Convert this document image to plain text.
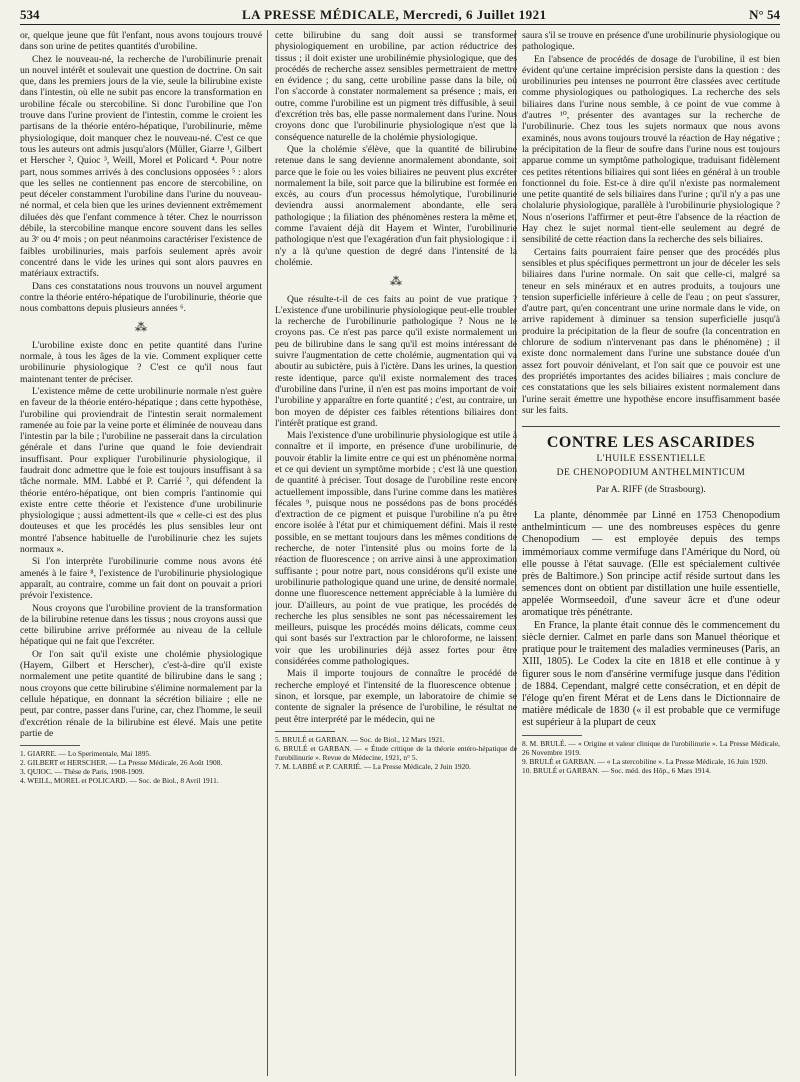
534	LA PRESSE MÉDICALE, Mercredi, 6 Juillet 1921	N° 54

or, quelque jeune que fût l'enfant, nous avons toujours trouvé dans son urine de petites quantités d'urobiline.

Chez le nouveau-né, la recherche de l'urobilinurie prenait un nouvel intérêt et soulevait une question de doctrine. On sait que, dans les premiers jours de la vie, seule la bilirubine existe dans l'intestin, où elle ne subit pas encore la transformation en urobiline fécale ou stercobiline. Si donc l'urobiline que l'on trouve dans l'urine provient de l'intestin, comme le croient les partisans de la théorie entéro-hépatique, l'urobilinurie, même physiologique, doit manquer chez le nouveau-né. C'est ce que tous les auteurs ont admis jusqu'alors (Müller, Giarre ¹, Gilbert et Herscher ², Quioc ³, Weill, Morel et Policard ⁴. Pour notre part, nous sommes arrivés à des conclusions opposées ⁵ : alors que les selles ne contiennent pas encore de stercobiline, on peut déceler constamment l'urobiline dans l'urine du nouveau-né normal, et cela bien que les urines deviennent extrêmement diluées dès que l'enfant commence à téter. Chez le nourrisson débile, la stercobiline manque encore souvent dans les selles au 3ᵉ ou 4ᵉ mois ; on peut néanmoins caractériser l'existence de faibles urobilinuries, mais parfois seulement après avoir concentré dans le vide les urines qui sont alors pauvres en matériaux extractifs.

Dans ces constatations nous trouvons un nouvel argument contre la théorie entéro-hépatique de l'urobilinurie, théorie que nous combattons depuis plusieurs années ⁶.

⁂

L'urobiline existe donc en petite quantité dans l'urine normale, à tous les âges de la vie. Comment expliquer cette urobilinurie physiologique ? C'est ce qu'il nous faut maintenant tenter de préciser.

L'existence même de cette urobilinurie normale n'est guère en faveur de la théorie entéro-hépatique ; dans cette hypothèse, l'urobiline qui proviendrait de l'intestin serait normalement ramenée au foie par la veine porte et éliminée de nouveau dans l'intestin par la bile ; l'urobiline ne passerait dans la circulation générale et dans l'urine que quand le foie deviendrait insuffisant. Pour expliquer l'urobilinurie physiologique, il faudrait donc admettre que le foie est toujours insuffisant à sa tâche normale. MM. Labbé et P. Carrié ⁷, qui défendent la théorie entéro-hépatique, ont bien compris l'antinomie qui existe entre cette théorie et l'existence d'une urobilinurie physiologique ; aussi admettent-ils que « celle-ci est des plus douteuses et que les procédés les plus sensibles leur ont montré l'absence habituelle de l'urobilinurie chez les sujets normaux ».

Si l'on interprète l'urobilinurie comme nous avons été amenés à le faire ⁸, l'existence de l'urobilinurie physiologique apparaît, au contraire, comme un fait dont on pouvait a priori prévoir l'existence.

Nous croyons que l'urobiline provient de la transformation de la bilirubine retenue dans les tissus ; nous croyons aussi que cette bilirubine arrive préformée au niveau de la cellule hépatique qui ne fait que l'excréter.

Or l'on sait qu'il existe une cholémie physiologique (Hayem, Gilbert et Herscher), c'est-à-dire qu'il existe normalement une petite quantité de bilirubine dans le sang ; nous croyons que cette bilirubine s'élimine normalement par la cellule hépatique, en donnant la sécrétion biliaire ; elle ne peut, par contre, passer dans l'urine, car, chez l'homme, le seuil d'excrétion rénale de la bilirubine est élevé. Mais une petite partie de

1. GIARRE. — Lo Sperimentale, Mai 1895.

2. GILBERT et HERSCHER. — La Presse Médicale, 26 Août 1908.

3. QUIOC. — Thèse de Paris, 1908-1909.

4. WEILL, MOREL et POLICARD. — Soc. de Biol., 8 Avril 1911.

cette bilirubine du sang doit aussi se transformer physiologiquement en urobiline, par action réductrice des tissus ; il doit exister une urobilinémie physiologique, que des procédés de recherche assez sensibles permettraient de mettre en évidence ; du sang, cette urobiline passe dans la bile, où l'on s'accorde à constater normalement sa présence ; mais, en outre, comme l'urobiline est un pigment très diffusible, à seuil d'excrétion très bas, elle passe normalement dans l'urine. Nous croyons donc que l'urobilinurie physiologique n'est que la conséquence naturelle de la cholémie physiologique.

Que la cholémie s'élève, que la quantité de bilirubine retenue dans le sang devienne anormalement abondante, soit parce que le foie ou les voies biliaires ne peuvent plus excréter normalement la bile, soit parce que la bilirubine est formée en excès, au cours d'un processus hémolytique, l'urobilinurie deviendra aussi anormalement abondante, elle sera pathologique ; la filiation des phénomènes restera la même et, comme l'avaient déjà dit Hayem et Winter, l'urobilinurie pathologique n'est que l'exagération d'un fait physiologique : il n'y a là qu'une question de degré dans l'intensité de la cholémie.

⁂

Que résulte-t-il de ces faits au point de vue pratique ? L'existence d'une urobilinurie physiologique peut-elle troubler la recherche de l'urobilinurie pathologique ? Nous ne le croyons pas. Ce n'est pas parce qu'il existe normalement un peu de bilirubine dans le sang qu'il est moins intéressant de suivre l'augmentation de cette cholémie, augmentation qui va aboutir au subictère, puis à l'ictère. Dans les urines, la question reste identique, parce qu'il existe normalement des traces d'urobiline dans l'urine, il n'en est pas moins important de voir l'urobiline y apparaître en forte quantité ; c'est, au contraire, un bon moyen de dépister ces faibles rétentions biliaires dont l'intérêt pratique est grand.

Mais l'existence d'une urobilinurie physiologique est utile à connaître et il importe, en présence d'une urobilinurie, de pouvoir établir la limite entre ce qui est un phénomène normal et ce qui devient un symptôme morbide ; c'est là une question de quantité à préciser. Tout dosage de l'urobiline reste encore actuellement impossible, dans l'urine comme dans les matières fécales ⁹, puisque nous ne possédons pas de bons procédés d'extraction de ce pigment et puisque l'urobiline n'a pu être encore isolée à l'état pur et chimiquement défini. Mais il reste possible, en se mettant toujours dans les mêmes conditions de recherche, de noter l'intensité plus ou moins forte de la réaction de fluorescence ; on arrive ainsi à une approximation suffisante ; pour notre part, nous considérons qu'il existe une urobilinurie pathologique quand une urine, de densité normale, donne une fluorescence nettement appréciable à la lumière du jour. D'ailleurs, au point de vue pratique, les procédés de recherche les plus sensibles ne sont pas nécessairement les meilleurs, puisque les procédés moins délicats, comme ceux qui sont basés sur l'extraction par le chloroforme, ne laissent voir que les urobilinuries déjà assez fortes pour être considérées comme pathologiques.

Mais il importe toujours de connaître le procédé de recherche employé et l'intensité de la fluorescence obtenue ; sinon, et lorsque, par exemple, un laboratoire de chimie se contente de signaler la présence de l'urobiline, le résultat ne peut être interprété par le médecin, qui ne

5. BRULÉ et GARBAN. — Soc. de Biol., 12 Mars 1921.

6. BRULÉ et GARBAN. — « Étude critique de la théorie entéro-hépatique de l'urobilinurie ». Revue de Médecine, 1921, n° 5.

7. M. LABBÉ et P. CARRIÉ. — La Presse Médicale, 2 Juin 1920.

saura s'il se trouve en présence d'une urobilinurie physiologique ou pathologique.

En l'absence de procédés de dosage de l'urobiline, il est bien évident qu'une certaine imprécision persiste dans la question : des urobilinuries peu intenses ne pourront être classées avec certitude comme physiologiques ou pathologiques. La recherche des sels biliaires dans l'urine nous semble, à ce point de vue comme à d'autres ¹⁰, présenter des avantages sur la recherche de l'urobilinurie. Chez tous les sujets normaux que nous avons examinés, nous avons toujours trouvé la réaction de Hay négative ; la précipitation de la fleur de soufre dans l'urine nous est toujours apparue comme un symptôme pathologique, traduisant fidèlement ces petites rétentions biliaires qui sont liées en général à un trouble fonctionnel du foie. Est-ce à dire qu'il n'existe pas normalement une petite quantité de sels biliaires dans l'urine ; qu'il n'y a pas une cholalurie physiologique, parallèle à l'urobilinurie physiologique ? Nous n'oserions l'affirmer et peut-être l'absence de la réaction de Hay chez le sujet normal tient-elle seulement au degré de sensibilité de cette réaction dans la recherche des sels biliaires.

Certains faits pourraient faire penser que des procédés plus sensibles et plus spécifiques permettront un jour de déceler les sels biliaires dans l'urine normale. On sait que celle-ci, malgré sa teneur en sels minéraux et en autres produits, a toujours une tension superficielle inférieure à celle de l'eau ; on peut s'assurer, d'autre part, qu'en concentrant une urine normale dans le vide, on arrive rapidement à diminuer sa tension superficielle jusqu'à produire la précipitation de la fleur de soufre (la concentration en chlorure de sodium n'intervenant pas dans le phénomène) ; il existe donc normalement dans l'urine une substance douée d'un assez fort pouvoir dénivelant, et l'on sait que ce pouvoir est une des propriétés importantes des acides biliaires ; mais conclure de ces constatations que les sels biliaires existent normalement dans l'urine serait émettre une hypothèse encore insuffisamment basée sur les faits.

CONTRE LES ASCARIDES
L'HUILE ESSENTIELLE
DE CHENOPODIUM ANTHELMINTICUM
Par A. RIFF (de Strasbourg).

La plante, dénommée par Linné en 1753 Chenopodium anthelminticum — une des nombreuses espèces du genre Chenopodium — est employée depuis des temps immémoriaux comme vermifuge dans l'Amérique du Nord, où elle pousse à l'état sauvage. (Elle est spécialement cultivée près de Baltimore.) Son principe actif réside surtout dans les semences dont on obtient par distillation une huile essentielle, appelée Wormseedoil, d'une saveur âcre et d'une odeur aromatique très pénétrante.

En France, la plante était connue dès le commencement du siècle dernier. Calmet en parle dans son Manuel théorique et pratique pour le traitement des maladies vermineuses (Paris, an XIII, 1805). Le Codex la cite en 1818 et elle continue à y figurer sous le nom d'ansérine vermifuge jusque dans l'édition de 1884. Cependant, malgré cette consécration, et en dépit de l'éloge qu'en firent Mérat et de Lens dans le Dictionnaire de matière médicale de 1830 (« il est probable que ce vermifuge est supérieur à la plupart de ceux

8. M. BRULÉ. — « Origine et valeur clinique de l'urobilinurie ». La Presse Médicale, 26 Novembre 1919.

9. BRULÉ et GARBAN. — « La stercobiline ». La Presse Médicale, 16 Juin 1920.

10. BRULÉ et GARBAN. — Soc. méd. des Hôp., 6 Mars 1914.
